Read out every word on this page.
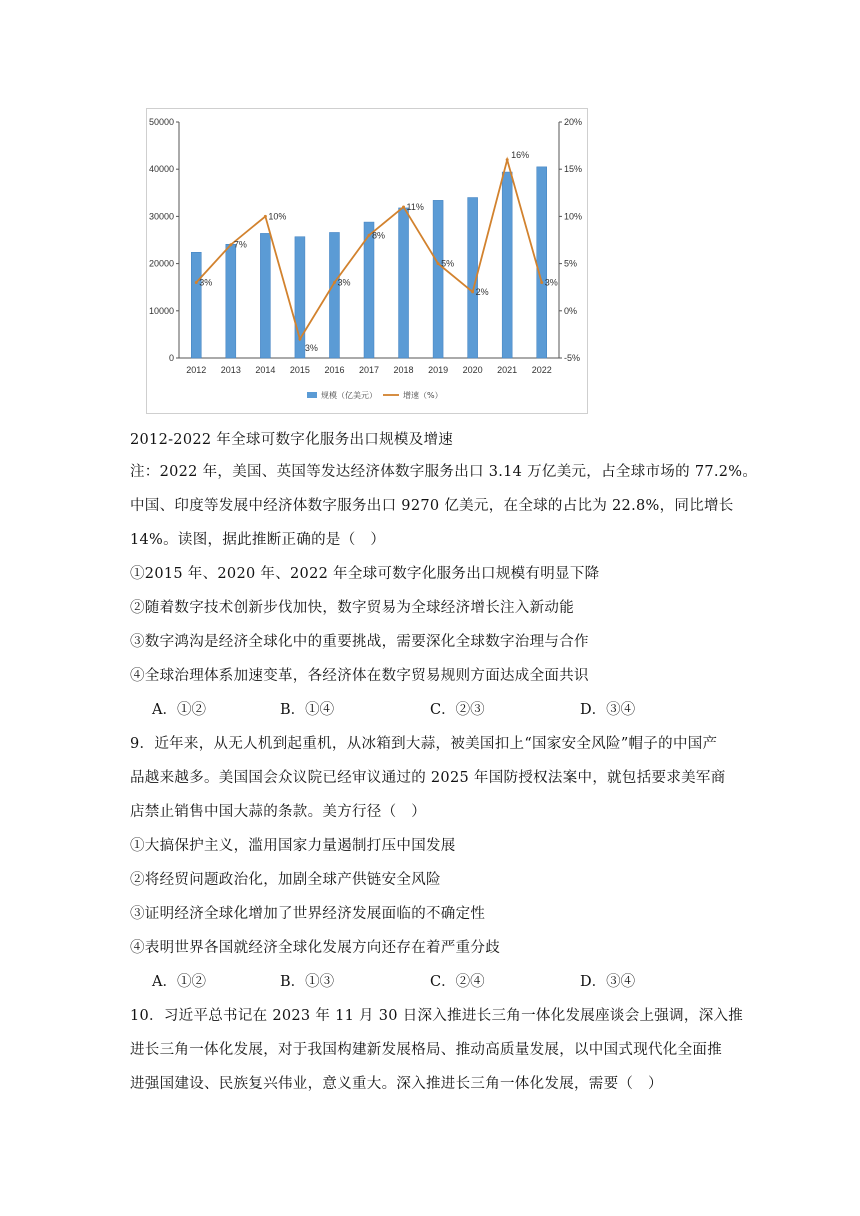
0
10000
20000
30000
40000
50000
-5%
0%
5%
10%
15%
20%
2012 2013 2014 2015 2016 2017 2018 2019 2020 2021 2022
3%
7%
10%
3%
3%
8%
11%
5%
2%
16%
3%
规模（亿美元）	增速（%）
2012-2022 年全球可数字化服务出口规模及增速
注：2022 年，美国、英国等发达经济体数字服务出口 3.14 万亿美元，占全球市场的 77.2%。
中国、印度等发展中经济体数字服务出口 9270 亿美元，在全球的占比为 22.8%，同比增长
14%。读图，据此推断正确的是（　）
①2015 年、2020 年、2022 年全球可数字化服务出口规模有明显下降
②随着数字技术创新步伐加快，数字贸易为全球经济增长注入新动能
③数字鸿沟是经济全球化中的重要挑战，需要深化全球数字治理与合作
④全球治理体系加速变革，各经济体在数字贸易规则方面达成全面共识
A．①②	B．①④	C．②③	D．③④
9．近年来，从无人机到起重机，从冰箱到大蒜，被美国扣上“国家安全风险”帽子的中国产
品越来越多。美国国会众议院已经审议通过的 2025 年国防授权法案中，就包括要求美军商
店禁止销售中国大蒜的条款。美方行径（　）
①大搞保护主义，滥用国家力量遏制打压中国发展
②将经贸问题政治化，加剧全球产供链安全风险
③证明经济全球化增加了世界经济发展面临的不确定性
④表明世界各国就经济全球化发展方向还存在着严重分歧
A．①②	B．①③	C．②④	D．③④
10．习近平总书记在 2023 年 11 月 30 日深入推进长三角一体化发展座谈会上强调，深入推
进长三角一体化发展，对于我国构建新发展格局、推动高质量发展，以中国式现代化全面推
进强国建设、民族复兴伟业，意义重大。深入推进长三角一体化发展，需要（　）
